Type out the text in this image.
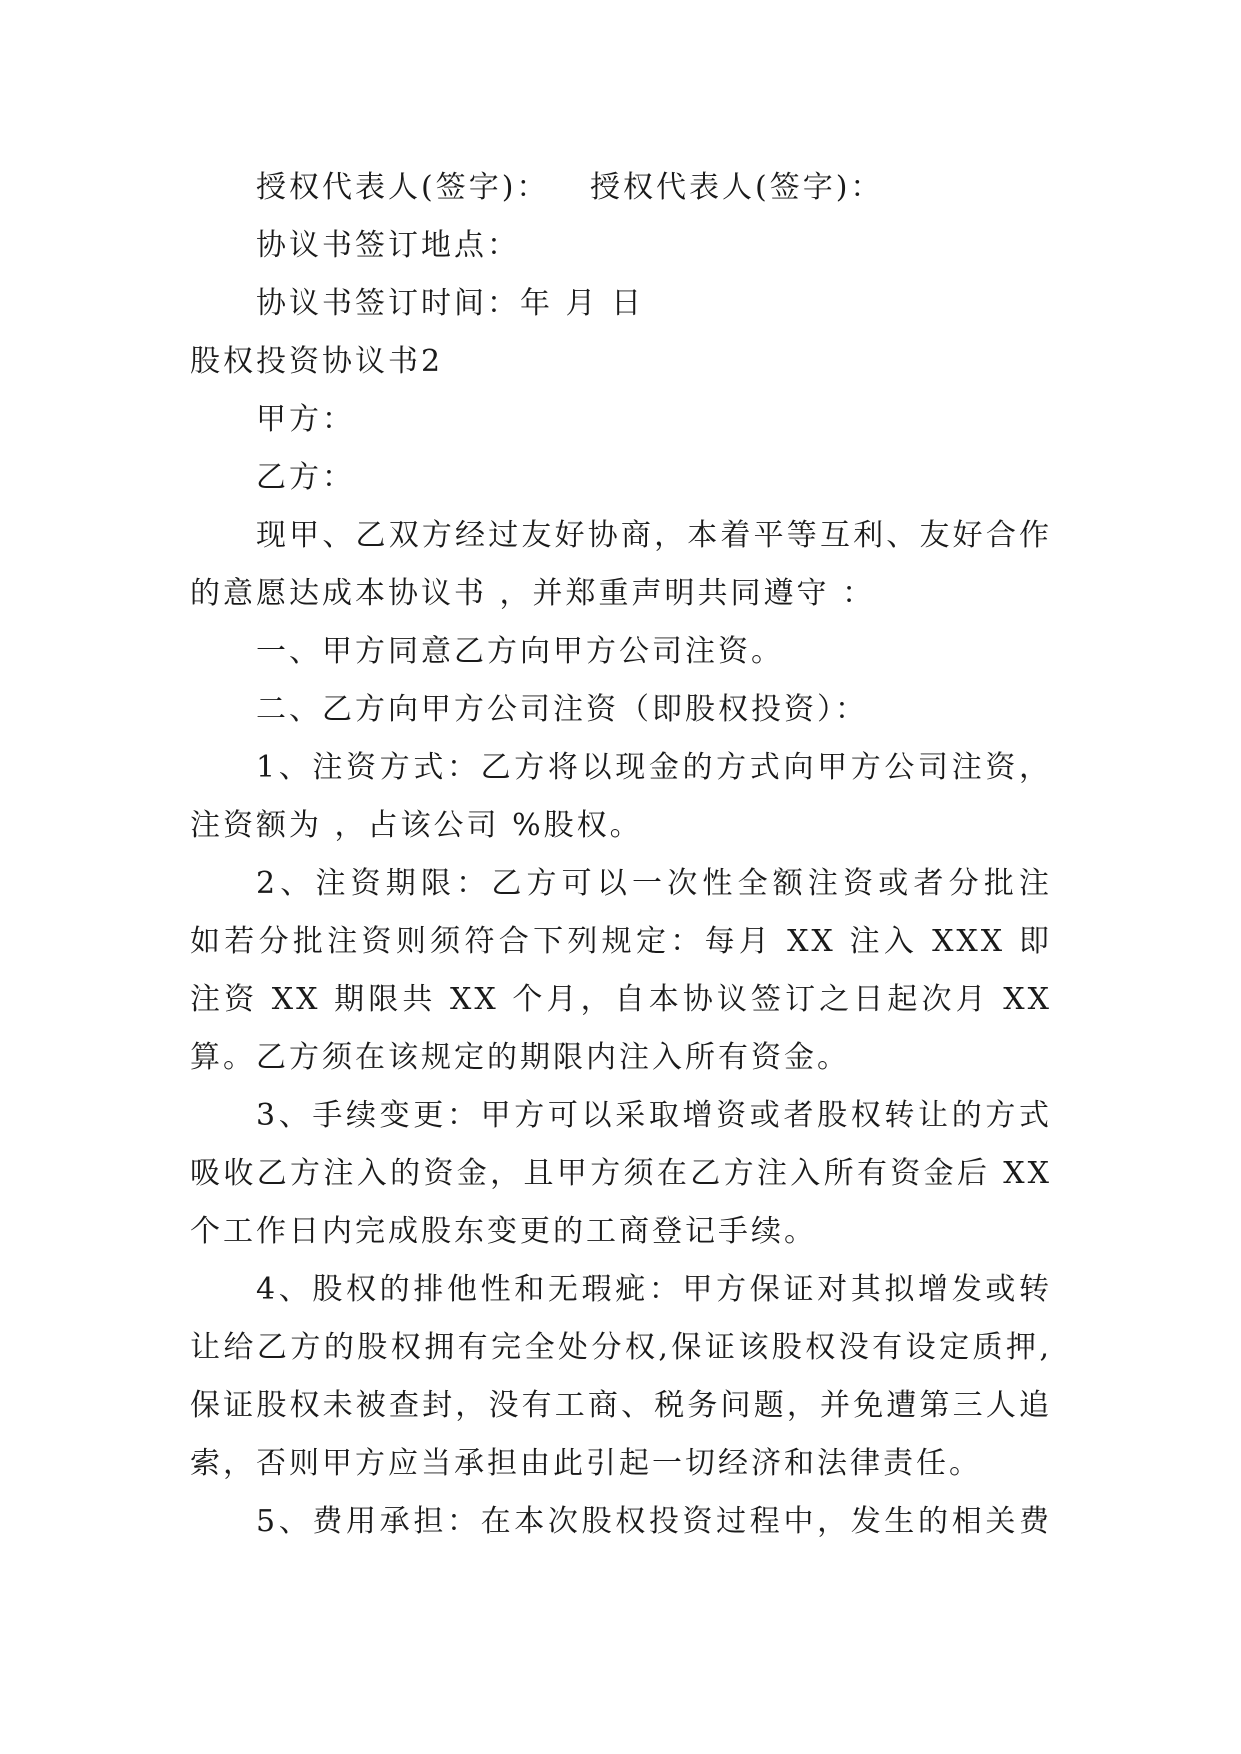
授权代表人(签字)： 授权代表人(签字)：
协议书签订地点：
协议书签订时间：年 月 日
股权投资协议书2
甲方：
乙方：
现甲、乙双方经过友好协商，本着平等互利、友好合作
的意愿达成本协议书 ，并郑重声明共同遵守 ：
一、甲方同意乙方向甲方公司注资。
二、乙方向甲方公司注资（即股权投资）：
1、注资方式：乙方将以现金的方式向甲方公司注资，
注资额为 ，占该公司 %股权。
2、注资期限：乙方可以一次性全额注资或者分批注
如若分批注资则须符合下列规定：每月 XX 注入 XXX 即
注资 XX 期限共 XX 个月，自本协议签订之日起次月 XX
算。乙方须在该规定的期限内注入所有资金。
3、手续变更：甲方可以采取增资或者股权转让的方式
吸收乙方注入的资金，且甲方须在乙方注入所有资金后 XX
个工作日内完成股东变更的工商登记手续。
4、股权的排他性和无瑕疵：甲方保证对其拟增发或转
让给乙方的股权拥有完全处分权,保证该股权没有设定质押,
保证股权未被查封，没有工商、税务问题，并免遭第三人追
索，否则甲方应当承担由此引起一切经济和法律责任。
5、费用承担：在本次股权投资过程中，发生的相关费
